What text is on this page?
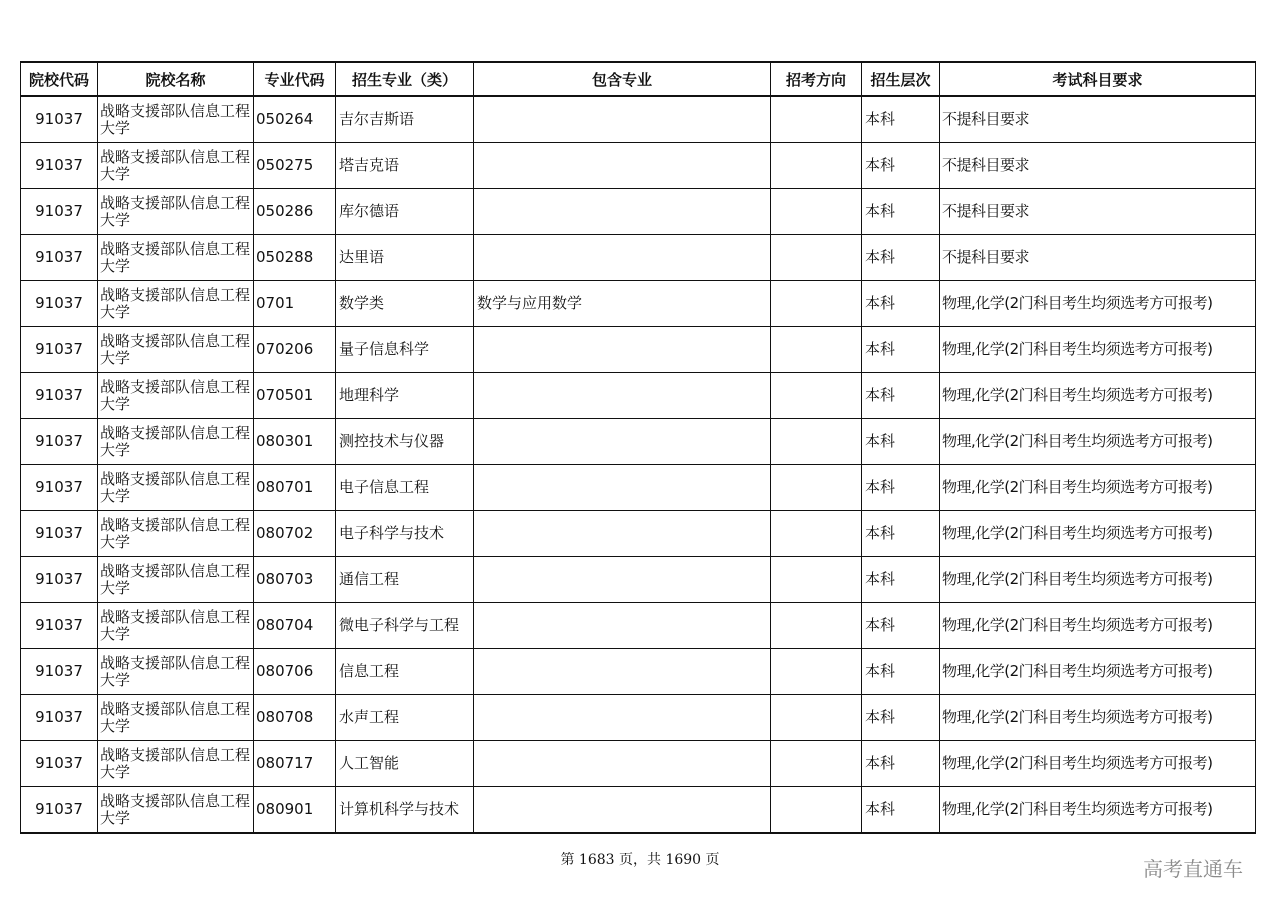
院校代码	院校名称	专业代码	招生专业（类）	包含专业	招考方向	招生层次	考试科目要求
91037	战略支援部队信息工程大学	050264	吉尔吉斯语			本科	不提科目要求
91037	战略支援部队信息工程大学	050275	塔吉克语			本科	不提科目要求
91037	战略支援部队信息工程大学	050286	库尔德语			本科	不提科目要求
91037	战略支援部队信息工程大学	050288	达里语			本科	不提科目要求
91037	战略支援部队信息工程大学	0701	数学类	数学与应用数学		本科	物理,化学(2门科目考生均须选考方可报考)
91037	战略支援部队信息工程大学	070206	量子信息科学			本科	物理,化学(2门科目考生均须选考方可报考)
91037	战略支援部队信息工程大学	070501	地理科学			本科	物理,化学(2门科目考生均须选考方可报考)
91037	战略支援部队信息工程大学	080301	测控技术与仪器			本科	物理,化学(2门科目考生均须选考方可报考)
91037	战略支援部队信息工程大学	080701	电子信息工程			本科	物理,化学(2门科目考生均须选考方可报考)
91037	战略支援部队信息工程大学	080702	电子科学与技术			本科	物理,化学(2门科目考生均须选考方可报考)
91037	战略支援部队信息工程大学	080703	通信工程			本科	物理,化学(2门科目考生均须选考方可报考)
91037	战略支援部队信息工程大学	080704	微电子科学与工程			本科	物理,化学(2门科目考生均须选考方可报考)
91037	战略支援部队信息工程大学	080706	信息工程			本科	物理,化学(2门科目考生均须选考方可报考)
91037	战略支援部队信息工程大学	080708	水声工程			本科	物理,化学(2门科目考生均须选考方可报考)
91037	战略支援部队信息工程大学	080717	人工智能			本科	物理,化学(2门科目考生均须选考方可报考)
91037	战略支援部队信息工程大学	080901	计算机科学与技术			本科	物理,化学(2门科目考生均须选考方可报考)
第 1683 页，共 1690 页	高考直通车
